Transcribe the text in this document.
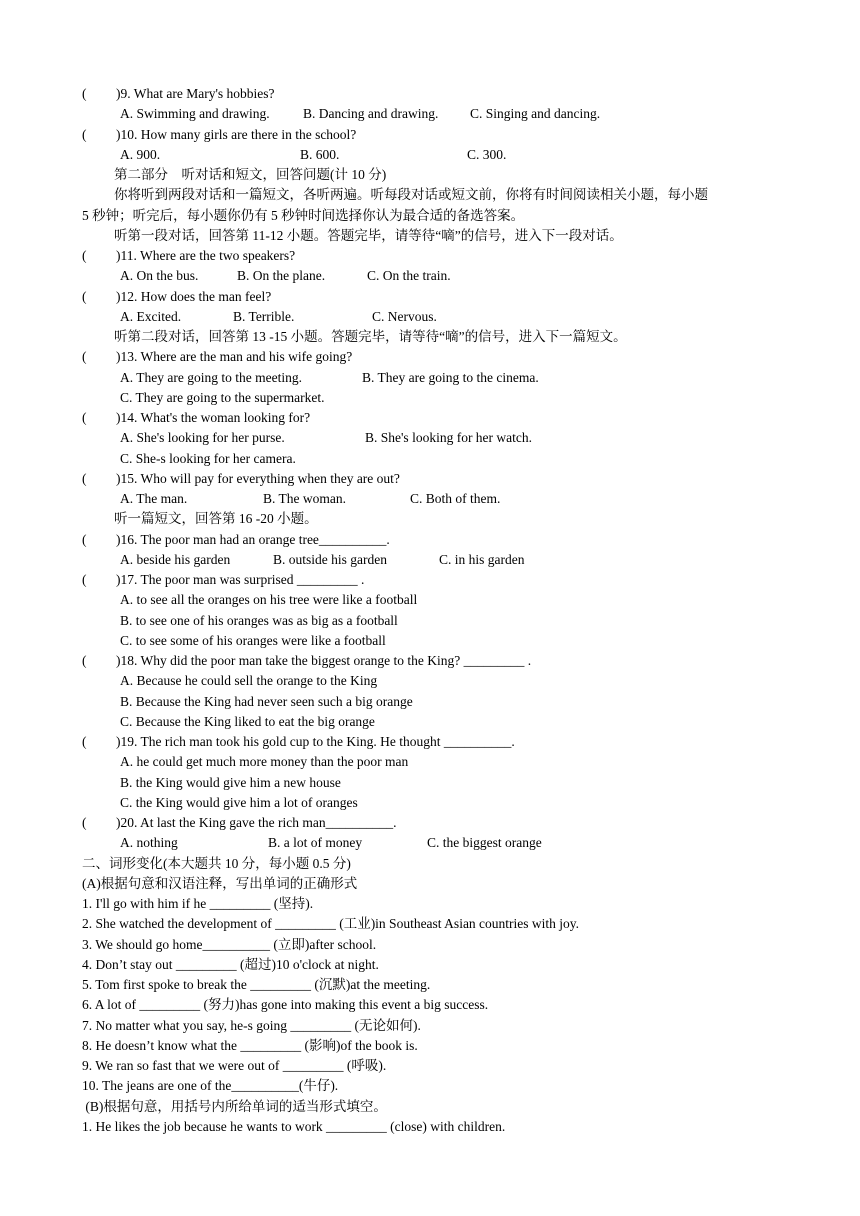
( )9. What are Mary's hobbies?
A. Swimming and drawing. B. Dancing and drawing. C. Singing and dancing.
( )10. How many girls are there in the school?
A. 900.	B. 600.	C. 300.
第二部分　听对话和短文，回答问题(计 10 分)
你将听到两段对话和一篇短文，各听两遍。听每段对话或短文前，你将有时间阅读相关小题，每小题
5 秒钟；听完后，每小题你仍有 5 秒钟时间选择你认为最合适的备选答案。
听第一段对话，回答第 11-12 小题。答题完毕，请等待“嘀”的信号，进入下一段对话。
( )11. Where are the two speakers?
A. On the bus.	B. On the plane.	C. On the train.
( )12. How does the man feel?
A. Excited.	B. Terrible.	C. Nervous.
听第二段对话，回答第 13 -15 小题。答题完毕，请等待“嘀”的信号，进入下一篇短文。
( )13. Where are the man and his wife going?
A. They are going to the meeting.	B. They are going to the cinema.
C. They are going to the supermarket.
( )14. What's the woman looking for?
A. She's looking for her purse.	B. She's looking for her watch.
C. She-s looking for her camera.
( )15. Who will pay for everything when they are out?
A. The man.	B. The woman.	C. Both of them.
听一篇短文，回答第 16 -20 小题。
( )16. The poor man had an orange tree__________.
A. beside his garden	B. outside his garden	C. in his garden
( )17. The poor man was surprised _________ .
A. to see all the oranges on his tree were like a football
B. to see one of his oranges was as big as a football
C. to see some of his oranges were like a football
( )18. Why did the poor man take the biggest orange to the King? _________ .
A. Because he could sell the orange to the King
B. Because the King had never seen such a big orange
C. Because the King liked to eat the big orange
( )19. The rich man took his gold cup to the King. He thought __________.
A. he could get much more money than the poor man
B. the King would give him a new house
C. the King would give him a lot of oranges
( )20. At last the King gave the rich man__________.
A. nothing	B. a lot of money	C. the biggest orange
二、词形变化(本大题共 10 分，每小题 0.5 分)
(A)根据句意和汉语注释，写出单词的正确形式
1. I'll go with him if he _________ (坚持).
2. She watched the development of _________ (工业)in Southeast Asian countries with joy.
3. We should go home__________ (立即)after school.
4. Don’t stay out _________ (超过)10 o'clock at night.
5. Tom first spoke to break the _________ (沉默)at the meeting.
6. A lot of _________ (努力)has gone into making this event a big success.
7. No matter what you say, he-s going _________ (无论如何).
8. He doesn’t know what the _________ (影响)of the book is.
9. We ran so fast that we were out of _________ (呼吸).
10. The jeans are one of the__________(牛仔).
(B)根据句意，用括号内所给单词的适当形式填空。
1. He likes the job because he wants to work _________ (close) with children.
